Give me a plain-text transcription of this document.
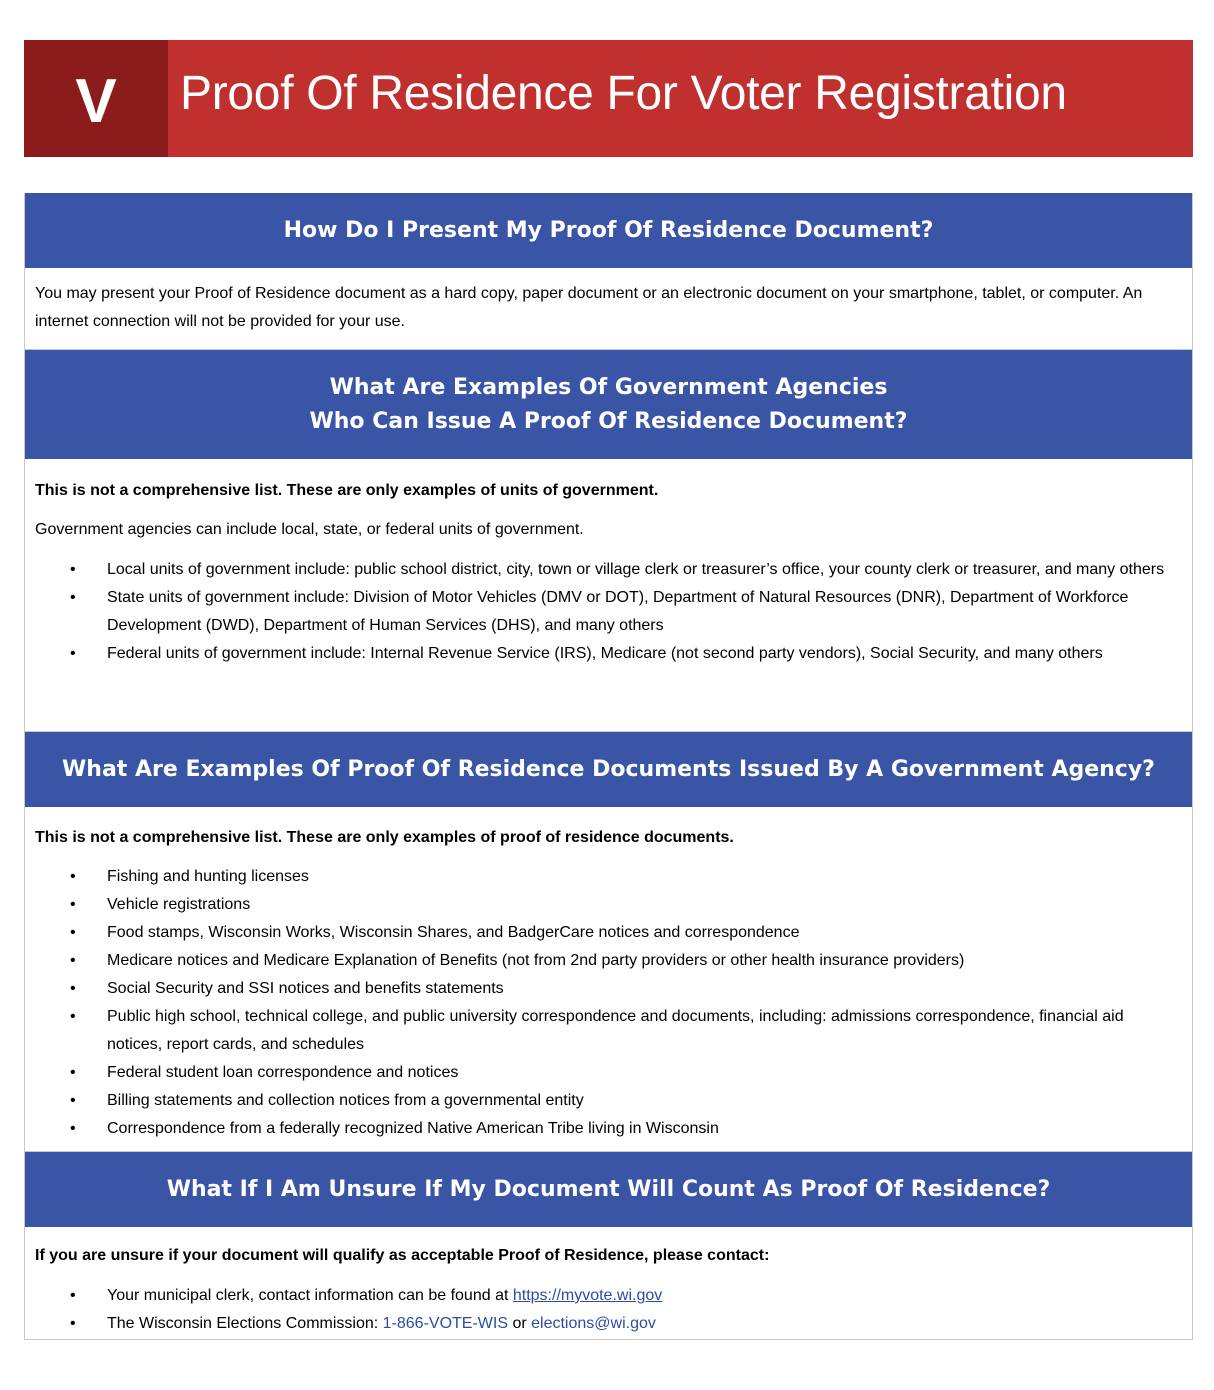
V	Proof Of Residence For Voter Registration
How Do I Present My Proof Of Residence Document?
You may present your Proof of Residence document as a hard copy, paper document or an electronic document on your smartphone, tablet, or computer. An internet connection will not be provided for your use.
What Are Examples Of Government Agencies
Who Can Issue A Proof Of Residence Document?
This is not a comprehensive list. These are only examples of units of government.
Government agencies can include local, state, or federal units of government.
• Local units of government include: public school district, city, town or village clerk or treasurer’s office, your county clerk or treasurer, and many others
• State units of government include: Division of Motor Vehicles (DMV or DOT), Department of Natural Resources (DNR), Department of Workforce Development (DWD), Department of Human Services (DHS), and many others
• Federal units of government include: Internal Revenue Service (IRS), Medicare (not second party vendors), Social Security, and many others
What Are Examples Of Proof Of Residence Documents Issued By A Government Agency?
This is not a comprehensive list. These are only examples of proof of residence documents.
• Fishing and hunting licenses
• Vehicle registrations
• Food stamps, Wisconsin Works, Wisconsin Shares, and BadgerCare notices and correspondence
• Medicare notices and Medicare Explanation of Benefits (not from 2nd party providers or other health insurance providers)
• Social Security and SSI notices and benefits statements
• Public high school, technical college, and public university correspondence and documents, including: admissions correspondence, financial aid notices, report cards, and schedules
• Federal student loan correspondence and notices
• Billing statements and collection notices from a governmental entity
• Correspondence from a federally recognized Native American Tribe living in Wisconsin
What If I Am Unsure If My Document Will Count As Proof Of Residence?
If you are unsure if your document will qualify as acceptable Proof of Residence, please contact:
• Your municipal clerk, contact information can be found at https://myvote.wi.gov
• The Wisconsin Elections Commission: 1-866-VOTE-WIS or elections@wi.gov
